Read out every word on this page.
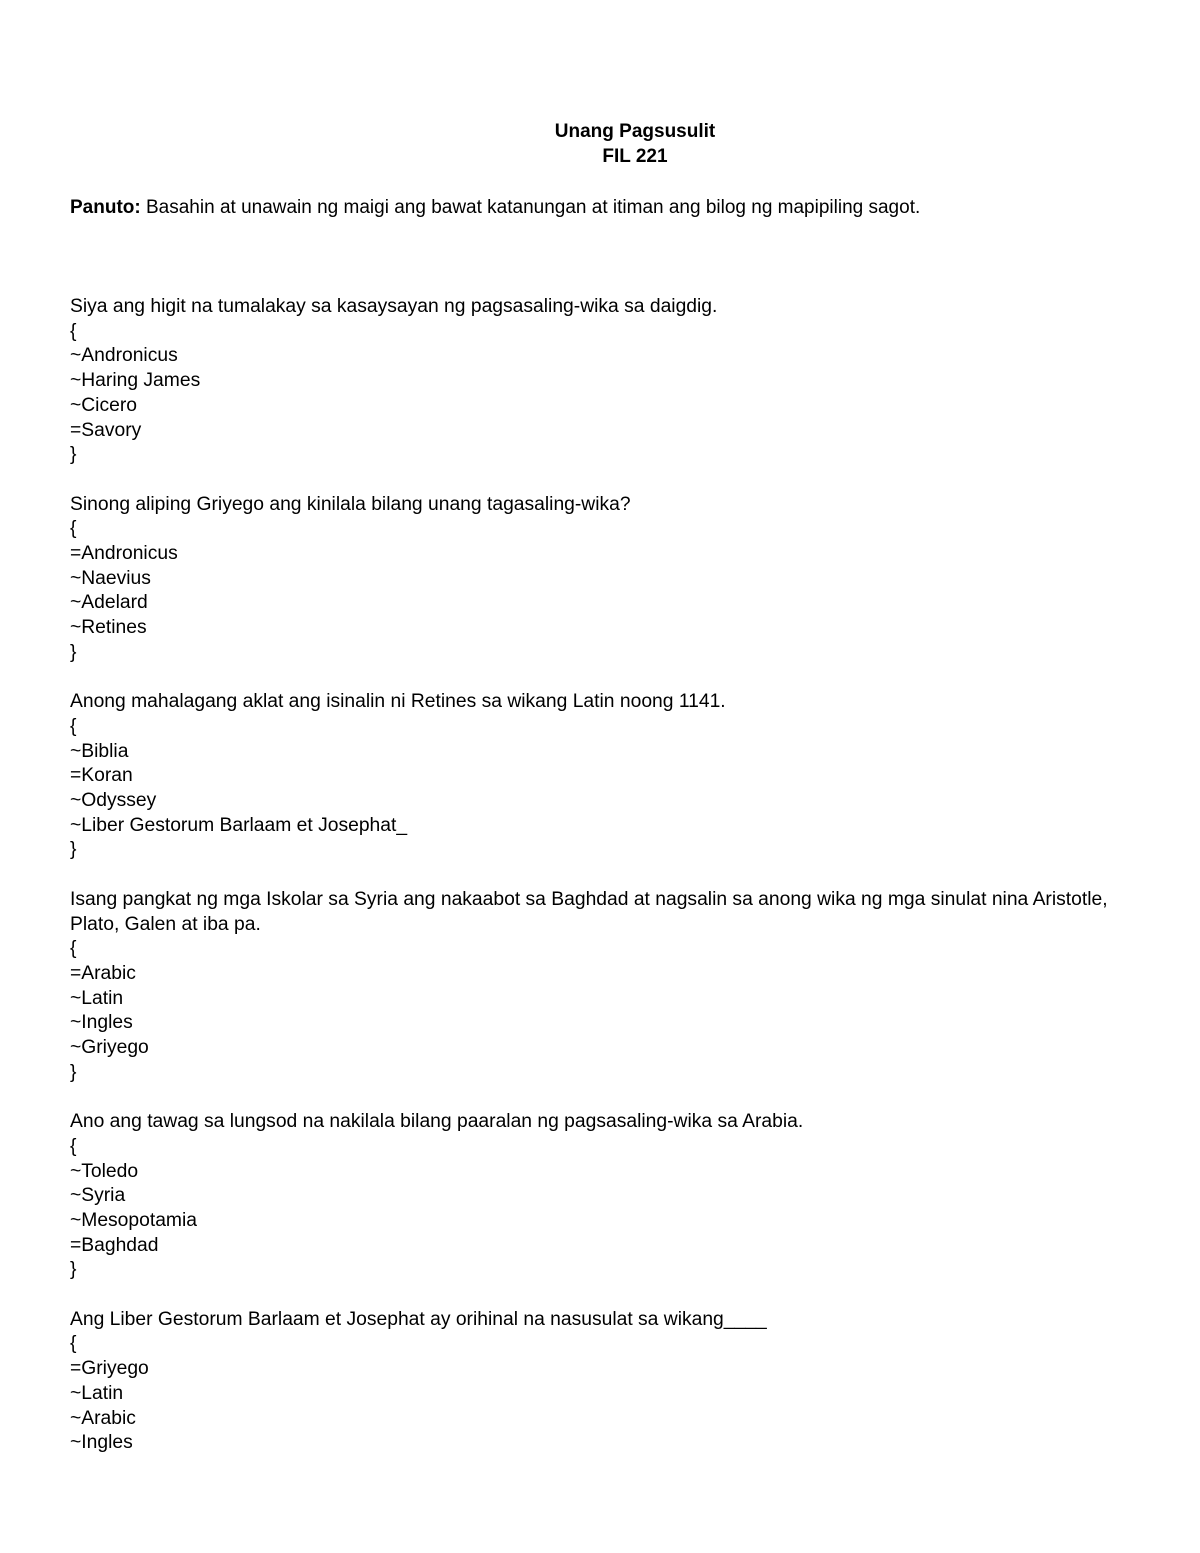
Unang Pagsusulit
FIL 221
Panuto: Basahin at unawain ng maigi ang bawat katanungan at itiman ang bilog ng mapipiling sagot.

Siya ang higit na tumalakay sa kasaysayan ng pagsasaling-wika sa daigdig.

{

~Andronicus

~Haring James

~Cicero

=Savory

}

Sinong aliping Griyego ang kinilala bilang unang tagasaling-wika?

{

=Andronicus

~Naevius

~Adelard

~Retines

}

Anong mahalagang aklat ang isinalin ni Retines sa wikang Latin noong 1141.

{

~Biblia

=Koran

~Odyssey

~Liber Gestorum Barlaam et Josephat_

}

Isang pangkat ng mga Iskolar sa Syria ang nakaabot sa Baghdad at nagsalin sa anong wika ng mga sinulat nina Aristotle, Plato, Galen at iba pa.

{

=Arabic

~Latin

~Ingles

~Griyego

}

Ano ang tawag sa lungsod na nakilala bilang paaralan ng pagsasaling-wika sa Arabia.

{

~Toledo

~Syria

~Mesopotamia

=Baghdad

}

Ang Liber Gestorum Barlaam et Josephat ay orihinal na nasusulat sa wikang____

{

=Griyego

~Latin

~Arabic

~Ingles
